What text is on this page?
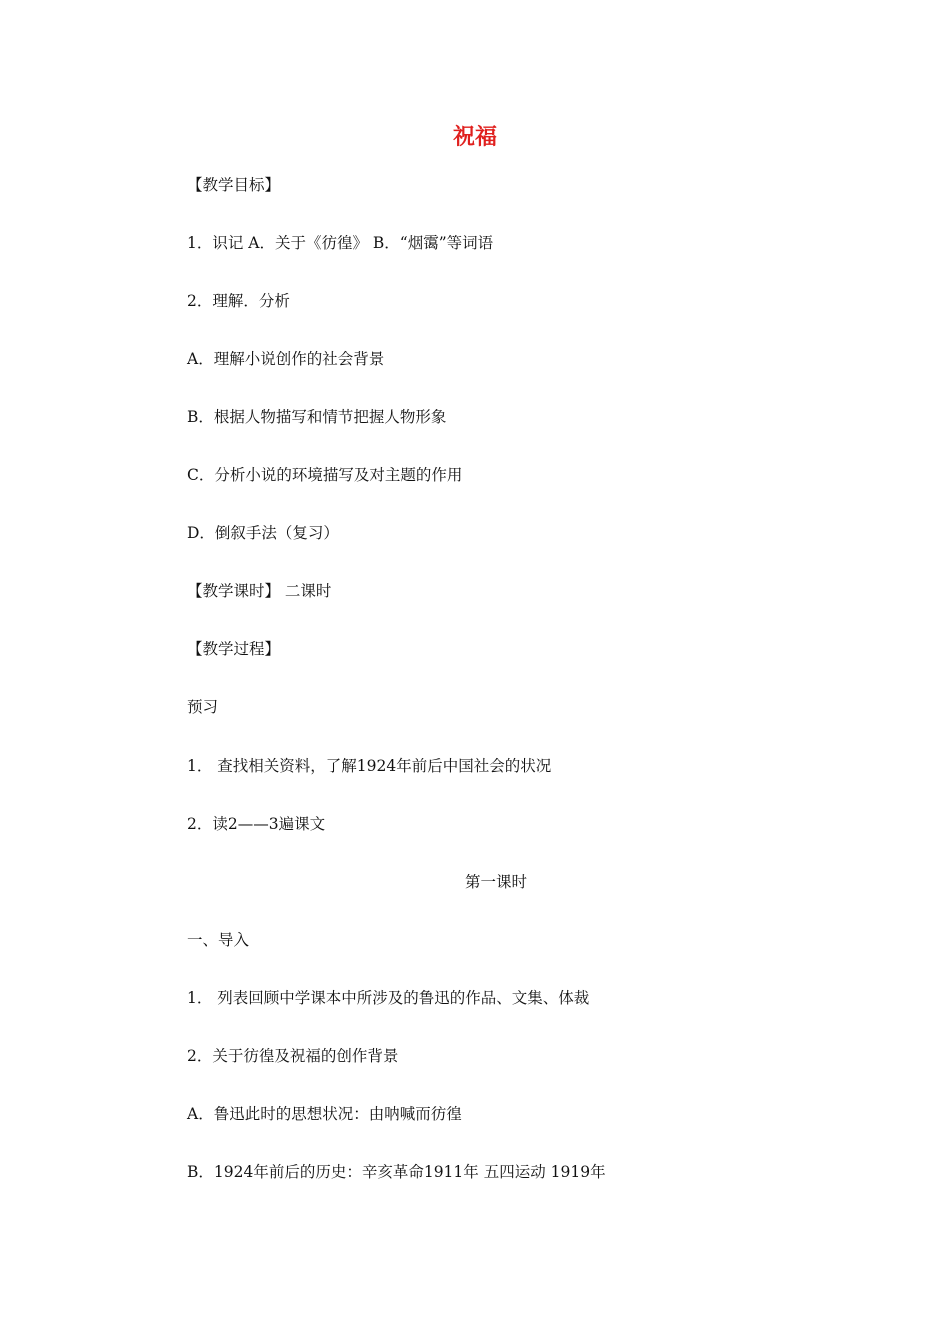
祝福
【教学目标】
1．识记 A．关于《彷徨》 B．“烟霭”等词语
2．理解．分析
A．理解小说创作的社会背景
B．根据人物描写和情节把握人物形象
C．分析小说的环境描写及对主题的作用
D．倒叙手法（复习）
【教学课时】 二课时
【教学过程】
预习
1． 查找相关资料，了解1924年前后中国社会的状况
2．读2——3遍课文
第一课时
一、导入
1． 列表回顾中学课本中所涉及的鲁迅的作品、文集、体裁
2．关于彷徨及祝福的创作背景
A．鲁迅此时的思想状况：由呐喊而彷徨
B．1924年前后的历史：辛亥革命1911年 五四运动 1919年
